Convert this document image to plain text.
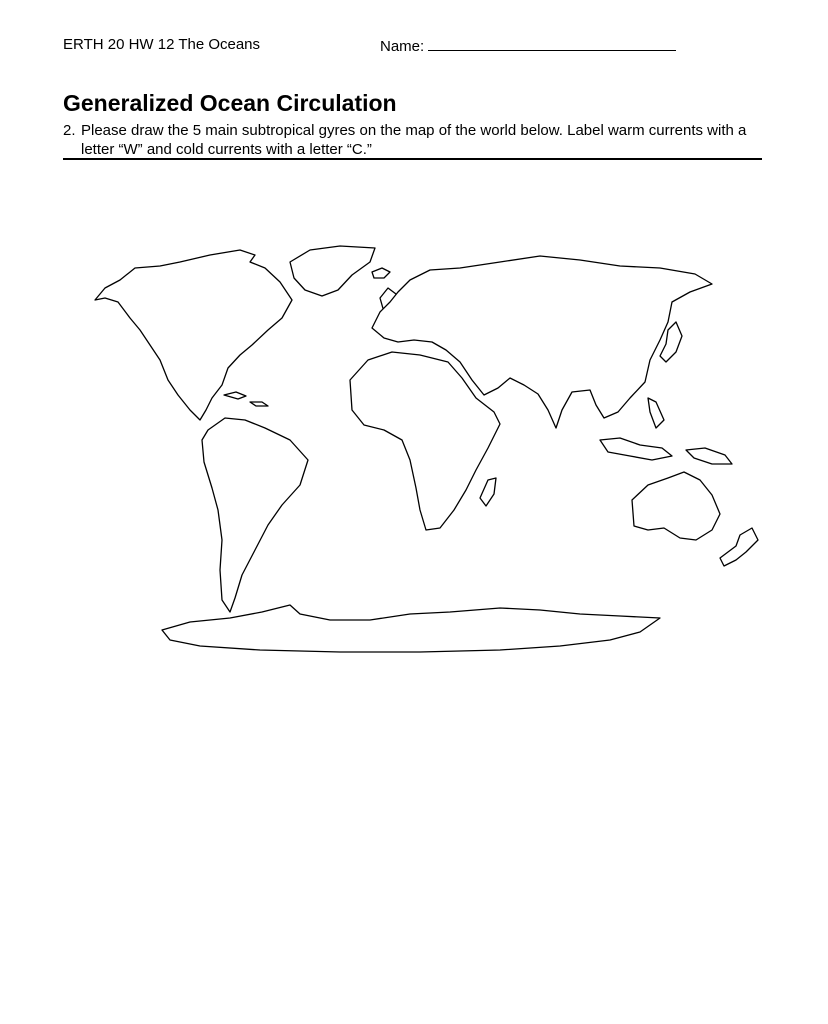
ERTH 20 HW 12 The Oceans	Name:
Generalized Ocean Circulation
2. Please draw the 5 main subtropical gyres on the map of the world below. Label warm currents with a letter “W” and cold currents with a letter “C.”
